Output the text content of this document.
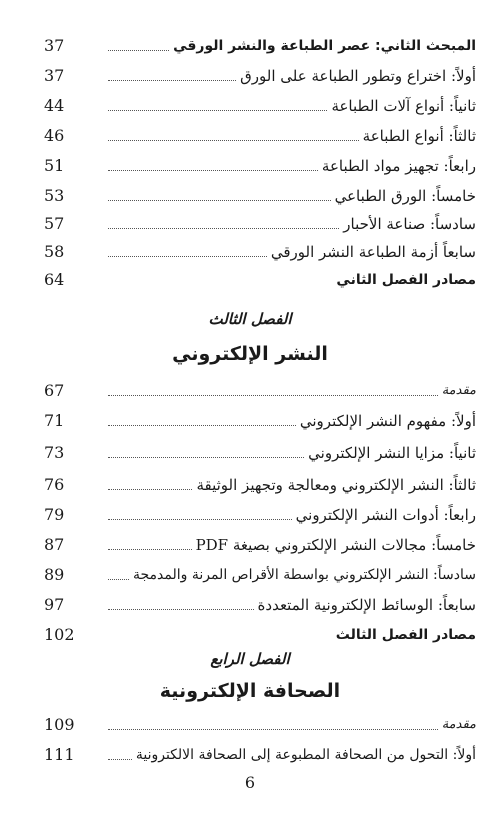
37	المبحث الثاني: عصر الطباعة والنشر الورقي
37	أولاً: اختراع وتطور الطباعة على الورق
44	ثانياً: أنواع آلات الطباعة
46	ثالثاً: أنواع الطباعة
51	رابعاً: تجهيز مواد الطباعة
53	خامساً: الورق الطباعي
57	سادساً: صناعة الأحبار
58	سابعاً أزمة الطباعة النشر الورقي
64	مصادر الفصل الثاني
الفصل الثالث
النشر الإلكتروني
67	مقدمة
71	أولاً: مفهوم النشر الإلكتروني
73	ثانياً: مزايا النشر الإلكتروني
76	ثالثاً: النشر الإلكتروني ومعالجة وتجهيز الوثيقة
79	رابعاً: أدوات النشر الإلكتروني
87	خامساً: مجالات النشر الإلكتروني بصيغة PDF
89	سادساً: النشر الإلكتروني بواسطة الأقراص المرنة والمدمجة
97	سابعاً: الوسائط الإلكترونية المتعددة
102	مصادر الفصل الثالث
الفصل الرابع
الصحافة الإلكترونية
109	مقدمة
111	أولاً: التحول من الصحافة المطبوعة إلى الصحافة الالكترونية
6
